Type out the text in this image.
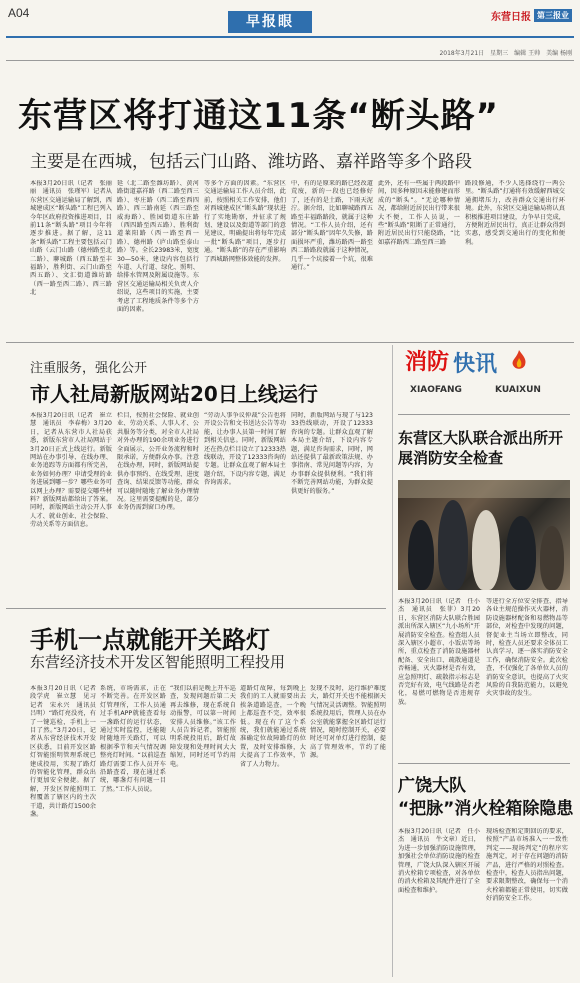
A04
早报眼	东营日报 第三报业
2018年3月21日　星期三　编辑 王帅　美编 杨刚
东营区将打通这11条“断头路”
主要是在西城，包括云门山路、潍坊路、嘉祥路等多个路段
本报3月20日讯（记者　张丽丽　通讯员　张瑾军）记者从东营区交通运输局了解到，西城建成区“断头路”工程已列入今年区政府投资推进项目，目前11条“断头路”项目今年将逐步推进。据了解，这11条“断头路”工程主要包括云门山路（云门山路（德州路至北二路）、聊城路（西五路至丰福路），胜利街、云门山路至西五路）、文汇街道潍坊路（西一路至西二路）、西三路北
延（北二路至潍坊路）、黄河路街道嘉祥路（西二路至西三路）、枣庄路（西二路至西四路）、西三路南延（西三路至威海路）、胜园街道东庄路（西四路至西五路）、胜利街道莱阳路（西一路至西一路）、德州路（庐山路至泰山路）等。全长23983米，宽度30—50米，建设内容包括行车道、人行道、绿化、照明、给排水管网及附属设施等。东营区交通运输局相关负责人介绍说，这些项目的实施，主要考虑了工程地质条件等多个方面的因素。
等多个方面的因素。“东营区交通运输局工作人员介绍，此前，按照相关工作安排，他们对西城建成区“断头路”现状进行了实地勘察，并征求了规划、建设以及街道等部门的意见建议，明确提出将每年完成一批“断头路”项目，逐步打通。“断头路”的存在严重影响了西城路网整体效能的发挥。
中，有的是原来的路已经改道荒废，新的一段也已经修好了，还有的是土路，下雨天泥泞。据介绍，比如聊城路西五路至丰福路路段，就属于这种情况。“工作人员介绍，还有部分“断头路”因年久失修，路面损坏严重，潍坊路西一路至西二路路段就属于这种情况，几乎一个坑接着一个坑，很难通行。”
此外，还有一些属于两段路中间，因多种原因未能修建而形成的“断头”。“无论哪种情况，都给附近居民出行带来很大不便，工作人员说，一些“断头路”阻断了正常通行，附近居民出行只能绕路，“比如嘉祥路西二路至西三路
路段修通，不少人选择绕行一两公里。“断头路”打通将有效缓解西城交通拥堵压力，改善群众交通出行环境。此外，东营区交通运输局将认真积极推进项目建设，力争早日完成，方便附近居民出行，真正让群众得到实惠，感受到交通出行的变化和便利。
注重服务，强化公开
市人社局新版网站20日上线运行
本报3月20日讯（记者　崔立慧　通讯员　李春梅）3月20日，记者从东营市人社局获悉，新版东营市人社局网站于3月20日正式上线运行。新版网站在办事引导、在线办理、业务追踪等方面都有所完善，业务如何办理？申请受理的业务进展到哪一步？哪些业务可以网上办理？需要提交哪些材料？新版网站都给出了答案。同时，新版网站主动公开人事人才、就业创业、社会保险、劳动关系等方面信息。
栏目，按照社会保险、就业创业、劳动关系、人事人才、公共服务等分类，对全市人社局对外办理的190余项业务进行全面展示，公开业务流程和时限承诺，方便群众办事。注意在线办理，同时，新版网站提供办事预约、在线受理、进度查询、结果反馈等功能，群众可以随时随地了解业务办理情况。这里需要提醒的是，部分业务仍需到窗口办理。
“劳动人事争议仲裁”公告也将开设公告和文书送达公告等功能，让办事人员第一时间了解到相关信息。同时，新版网站还在热点栏目设立了12333热线联动，开设了12333咨询的专题。让群众直观了解本局主题介绍，下设内容专题，满足咨询需求。
同时，新版网站与现了与12333热线联动，开设了12333咨询的专题。让群众直观了解本局主题介绍，下设内容专题，满足咨询需求，同时，网站还提供了最新政策法规、办事指南、常见问题等内容，为办事群众提供便利。“我们将不断完善网站功能，为群众提供更好的服务。”
手机一点就能开关路灯
东营经济技术开发区智能照明工程投用
本报3月20日讯（记者　段学虎　崔立慧　见习记者　宋永兴　通讯员　吕明）“路灯亮没亮，有了一键巡检，手机上一目了然。”3月20日，记者从东营经济技术开发区获悉，目前开发区路灯智能照明管理系统已建成投用，实现了路灯的智能化管理，群众出行更加安全便捷。据了解，开发区智能照明工程覆盖了辖区内的主次干道，共计路灯1500余盏。
系统，市场需求，正在不断完善。在开发区路灯管理所，工作人员通过手机APP就能查看每一盏路灯的运行状态，通过实时监控，还能随时随地开关路灯，可以根据季节和天气情况调整亮灯时间。“以前巡查路灯需要工作人员开车沿路查看，现在通过系统，哪盏灯有问题一目了然。”工作人员说。
“我们以前是晚上开车巡查，发现问题后第二天再去维修，现在系统自动报警，可以第一时间安排人员维修。”该工作人员告诉记者，智能照明系统投用后，路灯故障发现和处理时间大大缩短，同时还可节约用电。
道路灯故障，每到晚上我们的工人就需要出去挨条道路巡查，一个晚上都巡查不完，效率很低。现在有了这个系统，我们就能通过系统准确定位故障路灯的位置，及时安排维修，大大提高了工作效率，节省了人力物力。
发现不及时，运行维护难度大，路灯开关也不能根据天气情况灵活调整。智能照明系统投用后，管理人员在办公室就能掌握全区路灯运行情况，随时控制开关，必要时还可对单灯进行控制，提高了管理效率，节约了能源。
消防 快讯
XIAOFANG	KUAIXUN
东营区大队联合派出所开展消防安全检查
本报3月20日讯（记者　任小杰　通讯员　张菲）3月20日，东营区消防大队联合胜园派出所深入辖区“九小场所”开展消防安全检查。检查组人员深入辖区小超市、小饭店等场所，重点检查了消防设施器材配备、安全出口、疏散通道是否畅通，灭火器材是否有效，应急照明灯、疏散指示标志是否完好有效，电气线路是否老化，易燃可燃物是否违规存放。
等进行全方位安全排查，指导各业主规范操作灭火器材，消防设施器材配备和易燃物品等部位，对检查中发现的问题，督促业主当场立即整改，同时，检查人员还要求全体员工认真学习，逐一落实消防安全工作，确保消防安全。此次检查，不仅强化了各单位人员的消防安全意识，也提高了火灾风险的自我防范能力，以避免火灾事故的发生。
广饶大队
“把脉”消火栓箱除隐患
本报3月20日讯（记者　任小杰　通讯员　牛文章）近日，为进一步加强消防设施管理，加强社会单位消防设施的检查管理，广饶大队深入辖区开展消火栓箱专项检查，对各单位的消火栓箱及其配件进行了全面检查和维护。
现场检查和定期回访的要求，按照“产品市场准入一一致性判定——现场判定”的程序实施判定，对于存在问题的消防产品，进行严格的对照检查。检查中，检查人员指出问题，要求限期整改，确保每一个消火栓箱都能正常使用，切实做好消防安全工作。
